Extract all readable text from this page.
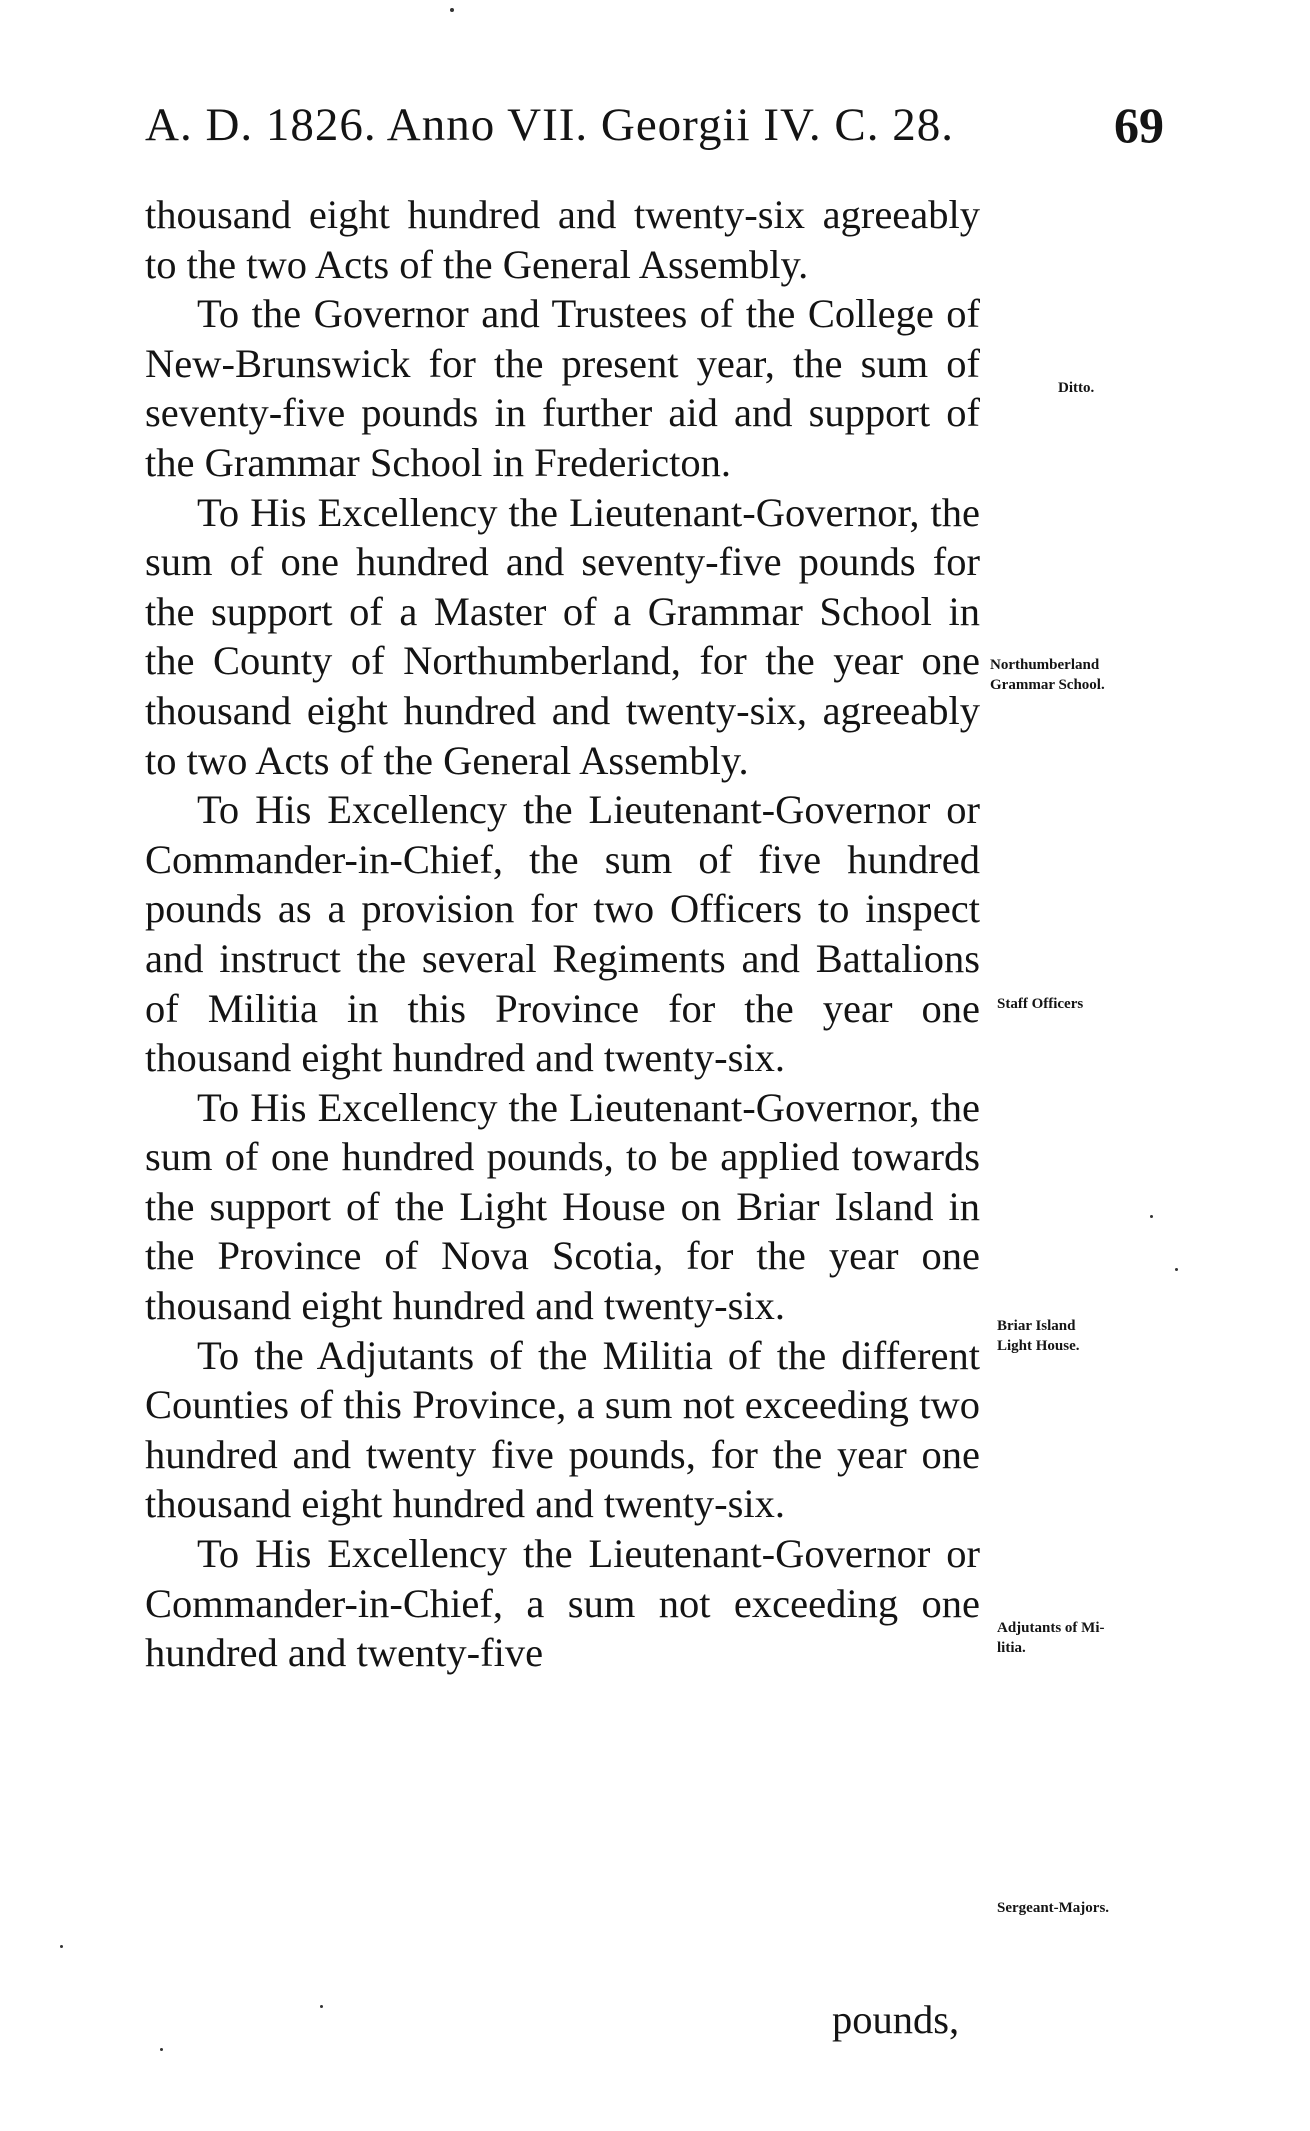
A. D. 1826. Anno VII. Georgii IV. C. 28.	69

thousand eight hundred and twenty-six agreeably to the two Acts of the General Assembly.

To the Governor and Trustees of the College of New-Brunswick for the present year, the sum of seventy-five pounds in further aid and support of the Grammar School in Fredericton.

To His Excellency the Lieutenant-Governor, the sum of one hundred and seventy-five pounds for the support of a Master of a Grammar School in the County of Northumberland, for the year one thousand eight hundred and twenty-six, agreeably to two Acts of the General Assembly.

To His Excellency the Lieutenant-Governor or Commander-in-Chief, the sum of five hundred pounds as a provision for two Officers to inspect and instruct the several Regiments and Battalions of Militia in this Province for the year one thousand eight hundred and twenty-six.

To His Excellency the Lieutenant-Governor, the sum of one hundred pounds, to be applied towards the support of the Light House on Briar Island in the Province of Nova Scotia, for the year one thousand eight hundred and twenty-six.

To the Adjutants of the Militia of the different Counties of this Province, a sum not exceeding two hundred and twenty five pounds, for the year one thousand eight hundred and twenty-six.

To His Excellency the Lieutenant-Governor or Commander-in-Chief, a sum not exceeding one hundred and twenty-five

pounds,
Ditto.
Northumberland
Grammar School.
Staff Officers
Briar Island
Light House.
Adjutants of Mi-
litia.
Sergeant-Majors.
